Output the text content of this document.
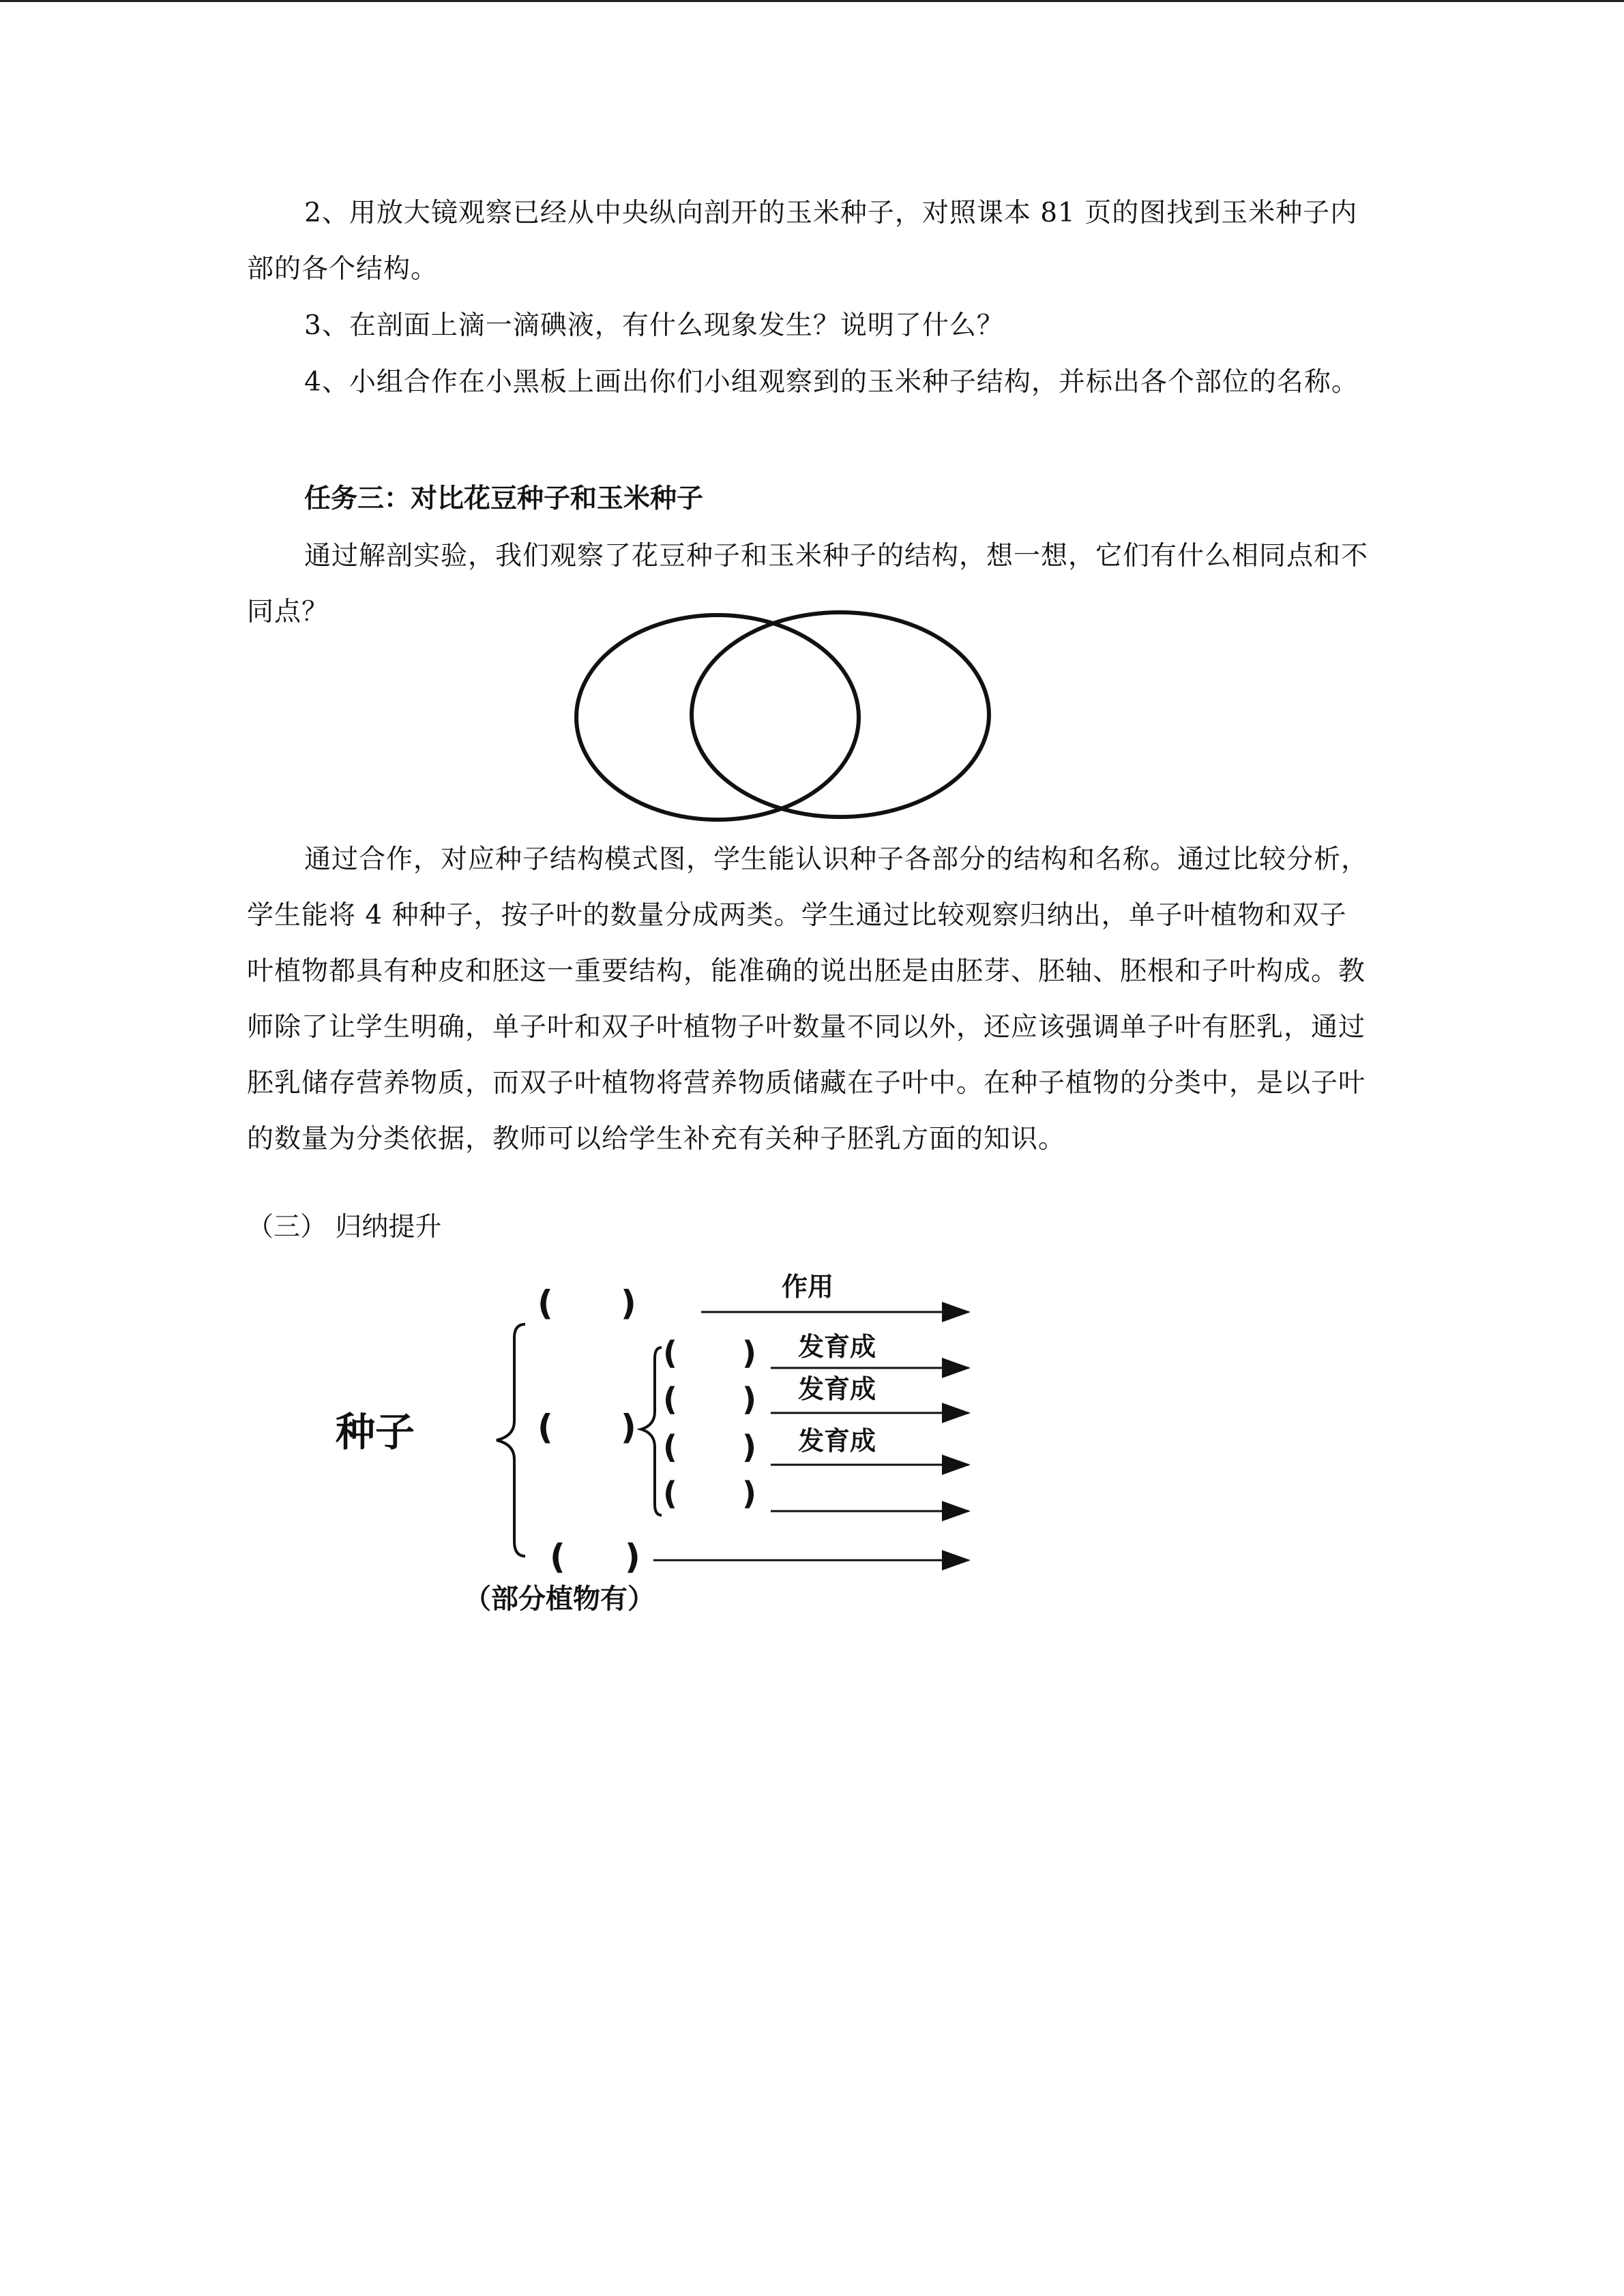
2、用放大镜观察已经从中央纵向剖开的玉米种子，对照课本 81 页的图找到玉米种子内部的各个结构。

3、在剖面上滴一滴碘液，有什么现象发生？说明了什么？

4、小组合作在小黑板上画出你们小组观察到的玉米种子结构，并标出各个部位的名称。

任务三：对比花豆种子和玉米种子

通过解剖实验，我们观察了花豆种子和玉米种子的结构，想一想，它们有什么相同点和不同点？

通过合作，对应种子结构模式图，学生能认识种子各部分的结构和名称。通过比较分析，学生能将 4 种种子，按子叶的数量分成两类。学生通过比较观察归纳出，单子叶植物和双子叶植物都具有种皮和胚这一重要结构，能准确的说出胚是由胚芽、胚轴、胚根和子叶构成。教师除了让学生明确，单子叶和双子叶植物子叶数量不同以外，还应该强调单子叶有胚乳，通过胚乳储存营养物质，而双子叶植物将营养物质储藏在子叶中。在种子植物的分类中，是以子叶的数量为分类依据，教师可以给学生补充有关种子胚乳方面的知识。

（三） 归纳提升

种子
( )	作用
( )
( ) 发育成
( ) 发育成
( ) 发育成
( )
( )
（部分植物有）
